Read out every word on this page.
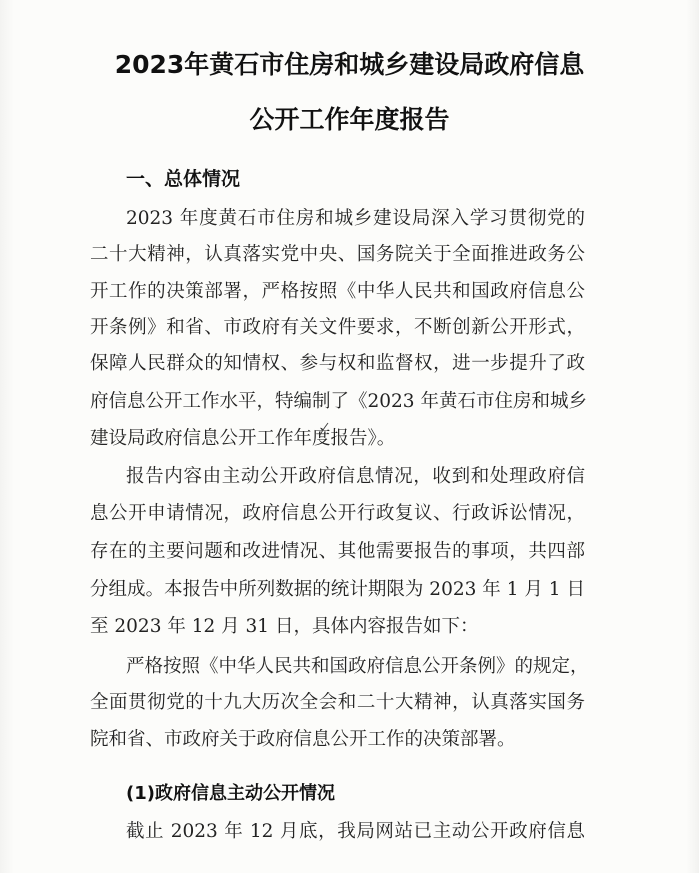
2023年黄石市住房和城乡建设局政府信息
公开工作年度报告
一、总体情况
2023 年度黄石市住房和城乡建设局深入学习贯彻党的
二十大精神，认真落实党中央、国务院关于全面推进政务公
开工作的决策部署，严格按照《中华人民共和国政府信息公
开条例》和省、市政府有关文件要求，不断创新公开形式，
保障人民群众的知情权、参与权和监督权，进一步提升了政
府信息公开工作水平，特编制了《2023 年黄石市住房和城乡
建设局政府信息公开工作年度报告》。
报告内容由主动公开政府信息情况，收到和处理政府信
息公开申请情况，政府信息公开行政复议、行政诉讼情况，
存在的主要问题和改进情况、其他需要报告的事项，共四部
分组成。本报告中所列数据的统计期限为 2023 年 1 月 1 日
至 2023 年 12 月 31 日，具体内容报告如下：
严格按照《中华人民共和国政府信息公开条例》的规定，
全面贯彻党的十九大历次全会和二十大精神，认真落实国务
院和省、市政府关于政府信息公开工作的决策部署。
(1)政府信息主动公开情况
截止 2023 年 12 月底，我局网站已主动公开政府信息
